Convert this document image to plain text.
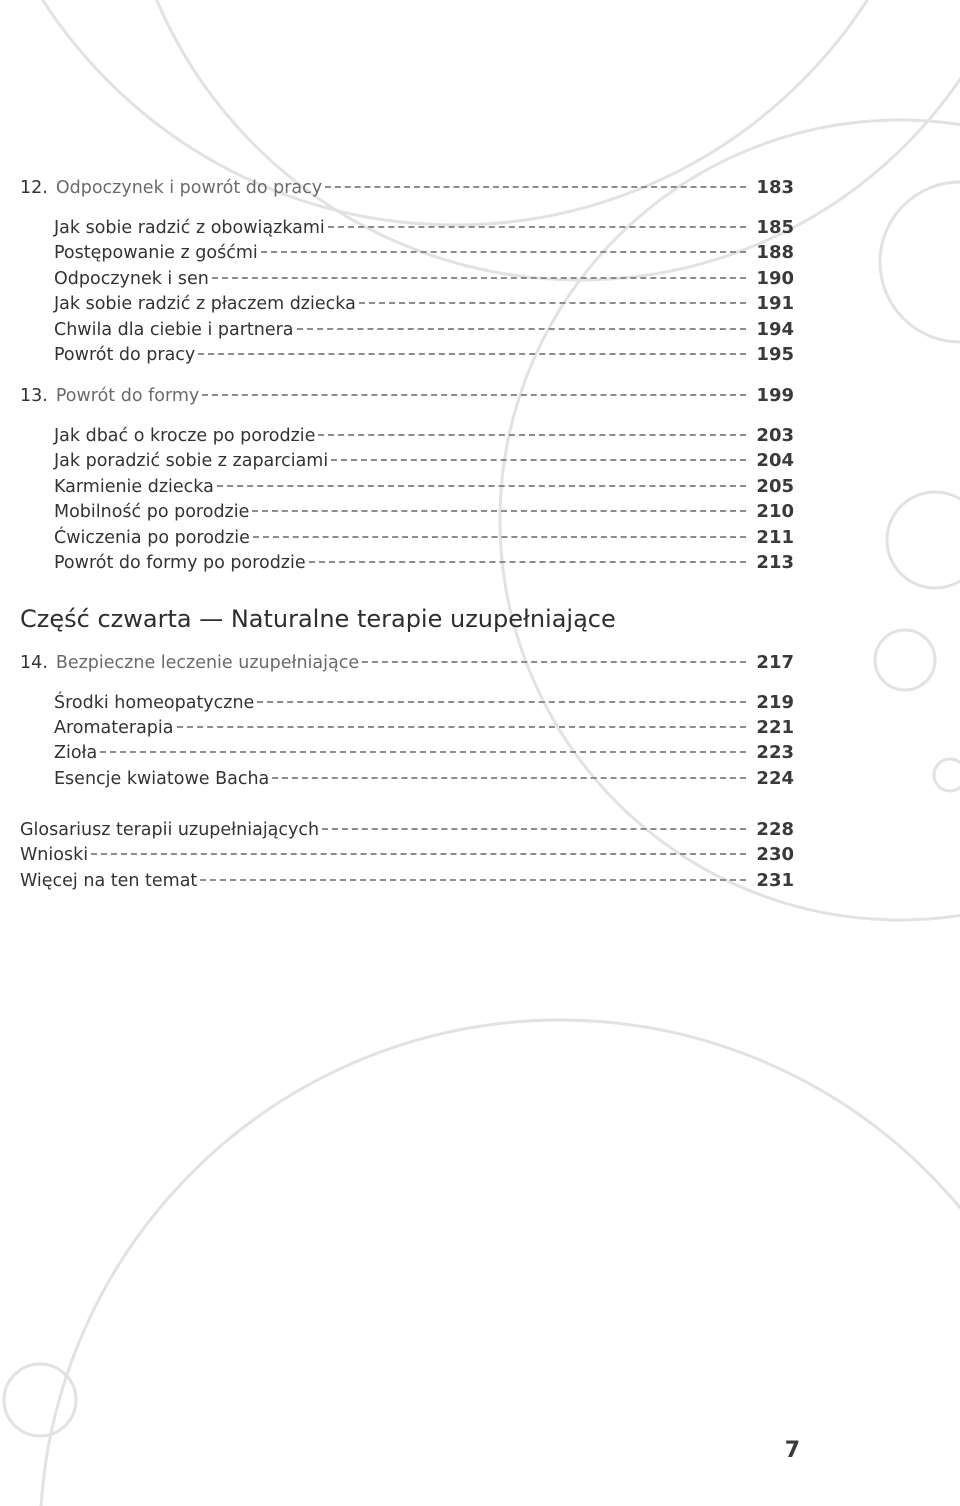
12. Odpoczynek i powrót do pracy	183
Jak sobie radzić z obowiązkami	185
Postępowanie z gośćmi	188
Odpoczynek i sen	190
Jak sobie radzić z płaczem dziecka	191
Chwila dla ciebie i partnera	194
Powrót do pracy	195
13. Powrót do formy	199
Jak dbać o krocze po porodzie	203
Jak poradzić sobie z zaparciami	204
Karmienie dziecka	205
Mobilność po porodzie	210
Ćwiczenia po porodzie	211
Powrót do formy po porodzie	213
Część czwarta — Naturalne terapie uzupełniające
14. Bezpieczne leczenie uzupełniające	217
Środki homeopatyczne	219
Aromaterapia	221
Zioła	223
Esencje kwiatowe Bacha	224
Glosariusz terapii uzupełniających	228
Wnioski	230
Więcej na ten temat	231
7
